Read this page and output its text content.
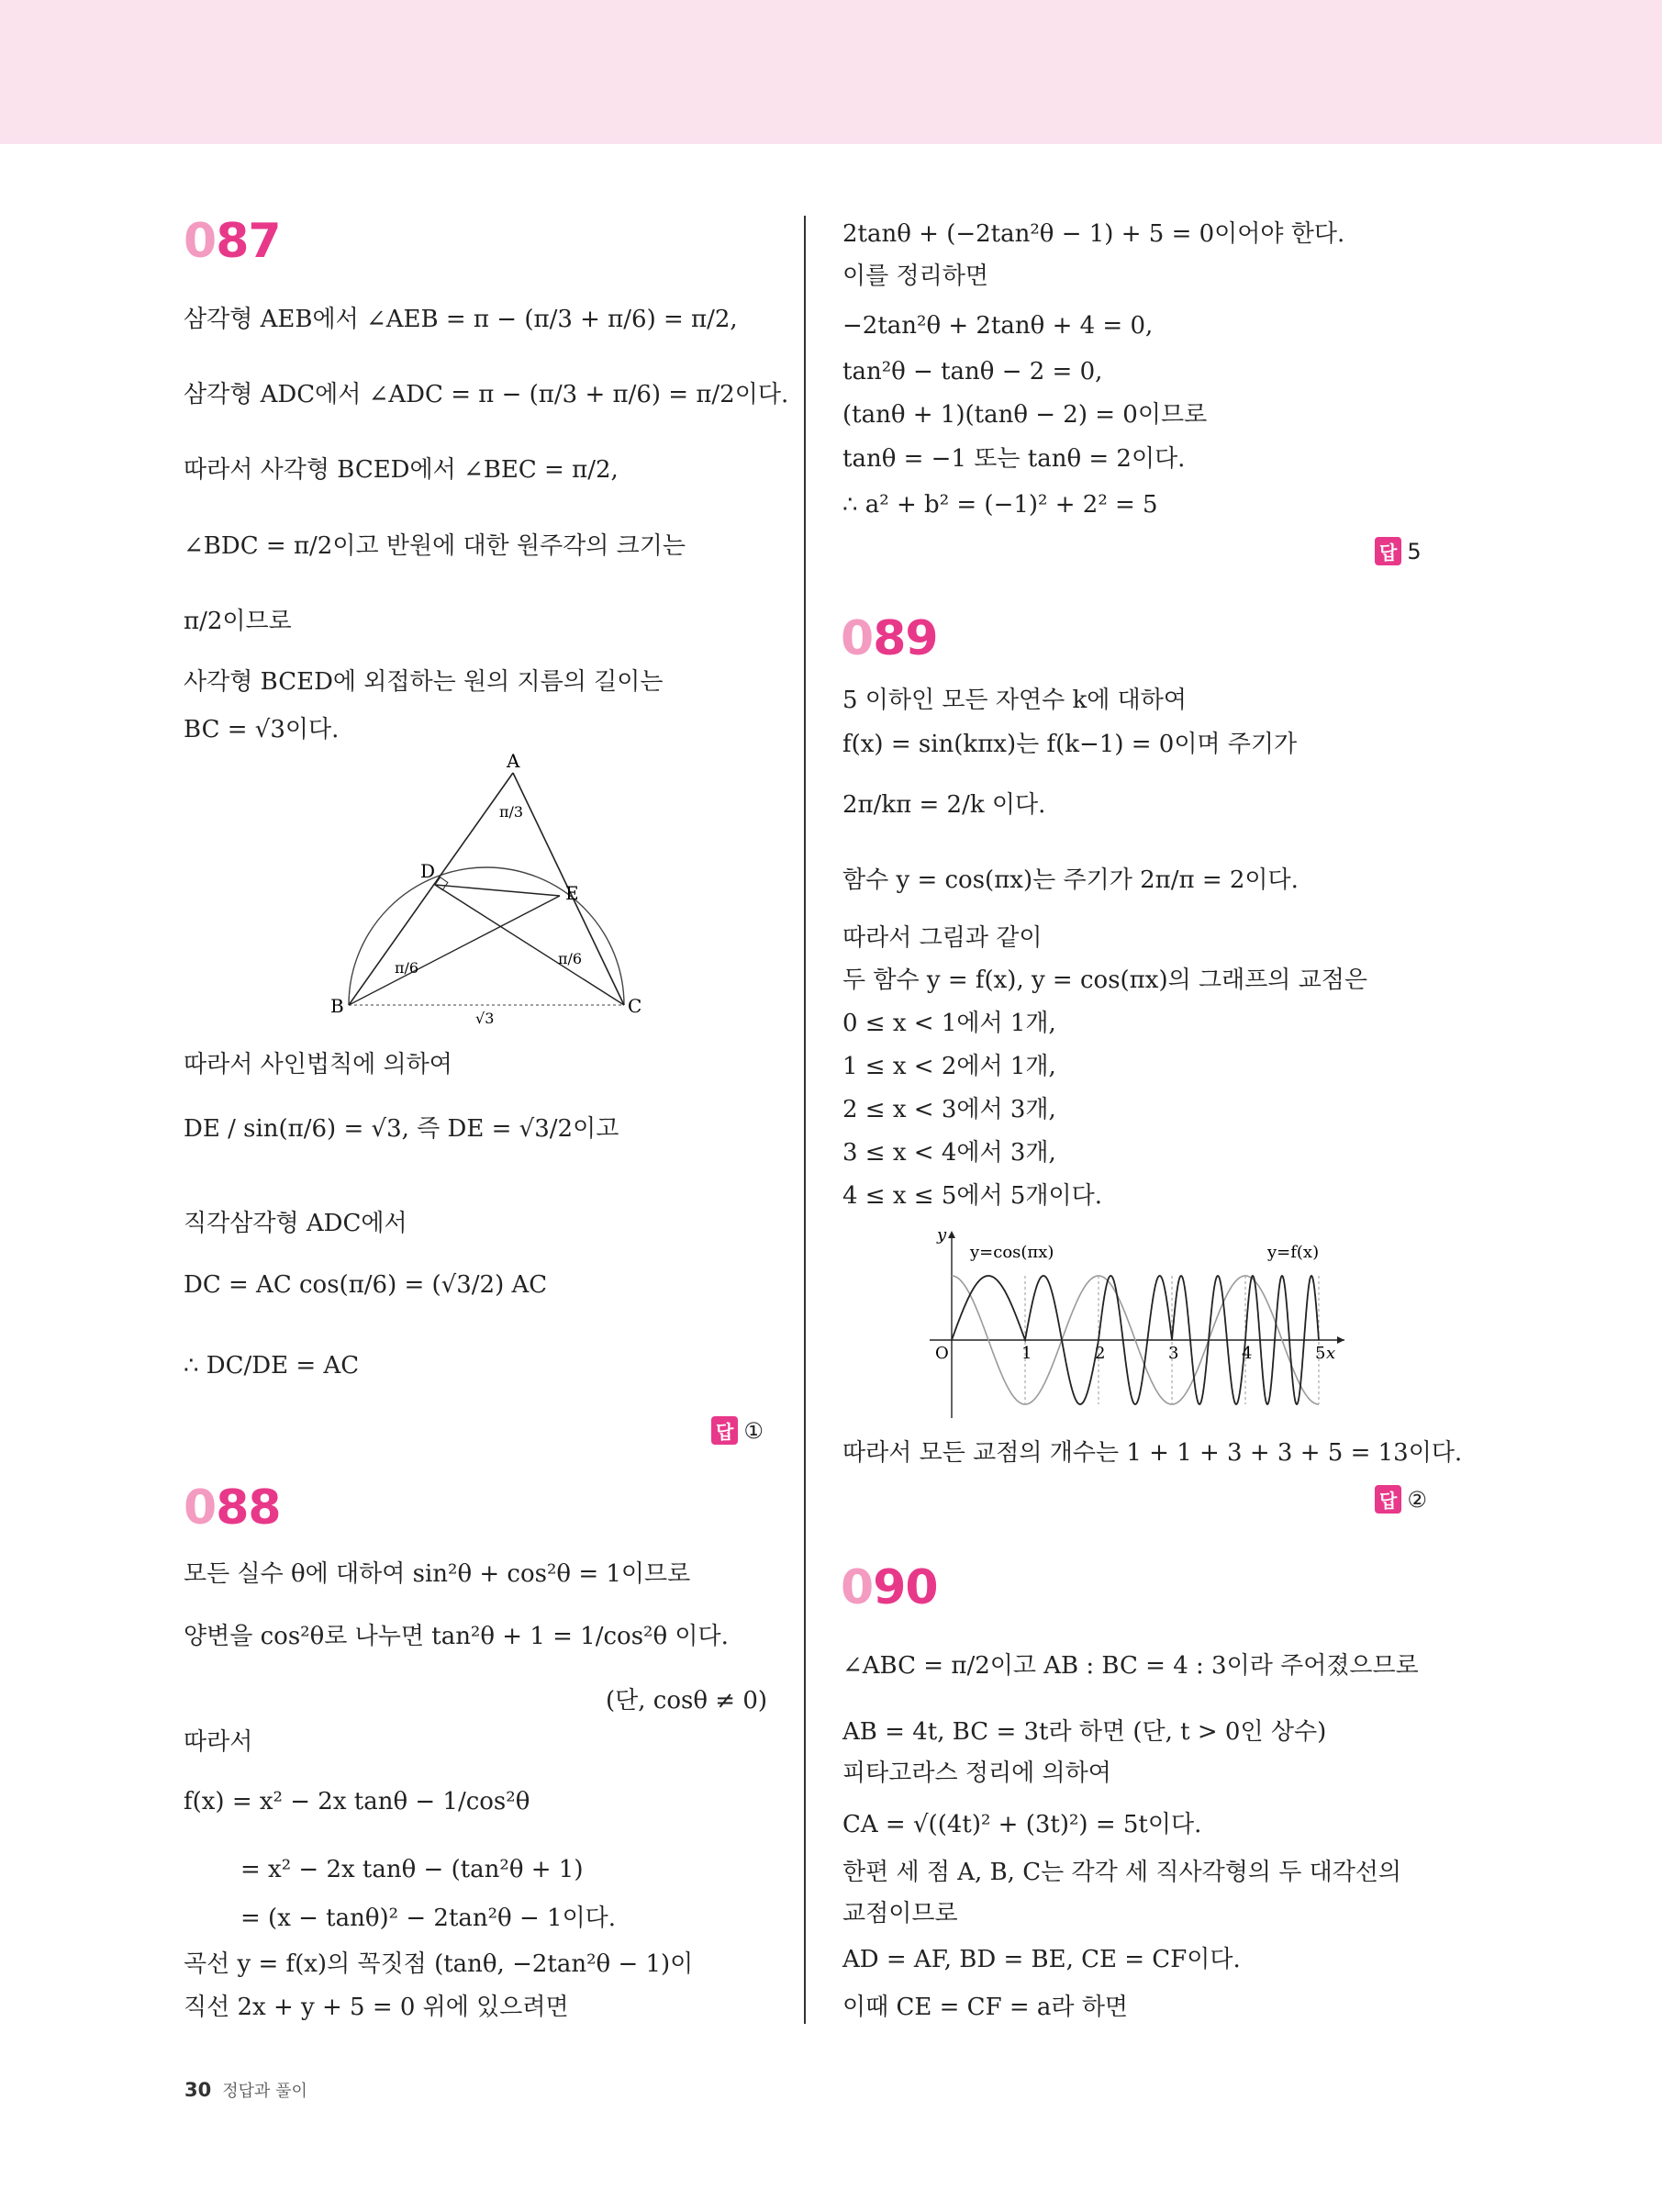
087
삼각형 AEB에서 ∠AEB = π − (π/3 + π/6) = π/2,
삼각형 ADC에서 ∠ADC = π − (π/3 + π/6) = π/2이다.
따라서 사각형 BCED에서 ∠BEC = π/2,
∠BDC = π/2이고 반원에 대한 원주각의 크기는
π/2이므로
사각형 BCED에 외접하는 원의 지름의 길이는
BC = √3이다.
A
B	C
D
E
π/3
π/6
π/6
√3
따라서 사인법칙에 의하여
DE / sin(π/6) = √3, 즉 DE = √3/2이고
직각삼각형 ADC에서
DC = AC cos(π/6) = (√3/2) AC
∴ DC/DE = AC
답 ①
088
모든 실수 θ에 대하여 sin²θ + cos²θ = 1이므로
양변을 cos²θ로 나누면 tan²θ + 1 = 1/cos²θ 이다.
(단, cosθ ≠ 0)
따라서
f(x) = x² − 2x tanθ − 1/cos²θ
= x² − 2x tanθ − (tan²θ + 1)
= (x − tanθ)² − 2tan²θ − 1이다.
곡선 y = f(x)의 꼭짓점 (tanθ, −2tan²θ − 1)이
직선 2x + y + 5 = 0 위에 있으려면
2tanθ + (−2tan²θ − 1) + 5 = 0이어야 한다.
이를 정리하면
−2tan²θ + 2tanθ + 4 = 0,
tan²θ − tanθ − 2 = 0,
(tanθ + 1)(tanθ − 2) = 0이므로
tanθ = −1 또는 tanθ = 2이다.
∴ a² + b² = (−1)² + 2² = 5
답 5
089
5 이하인 모든 자연수 k에 대하여
f(x) = sin(kπx)는 f(k−1) = 0이며 주기가
2π/kπ = 2/k 이다.
함수 y = cos(πx)는 주기가 2π/π = 2이다.
따라서 그림과 같이
두 함수 y = f(x), y = cos(πx)의 그래프의 교점은
0 ≤ x < 1에서 1개,
1 ≤ x < 2에서 1개,
2 ≤ x < 3에서 3개,
3 ≤ x < 4에서 3개,
4 ≤ x ≤ 5에서 5개이다.
y
x
O
y=cos(πx)	y=f(x)
1	2	3	4	5
따라서 모든 교점의 개수는 1 + 1 + 3 + 3 + 5 = 13이다.
답 ②
090
∠ABC = π/2이고 AB : BC = 4 : 3이라 주어졌으므로
AB = 4t, BC = 3t라 하면 (단, t > 0인 상수)
피타고라스 정리에 의하여
CA = √((4t)² + (3t)²) = 5t이다.
한편 세 점 A, B, C는 각각 세 직사각형의 두 대각선의
교점이므로
AD = AF, BD = BE, CE = CF이다.
이때 CE = CF = a라 하면
30 정답과 풀이
